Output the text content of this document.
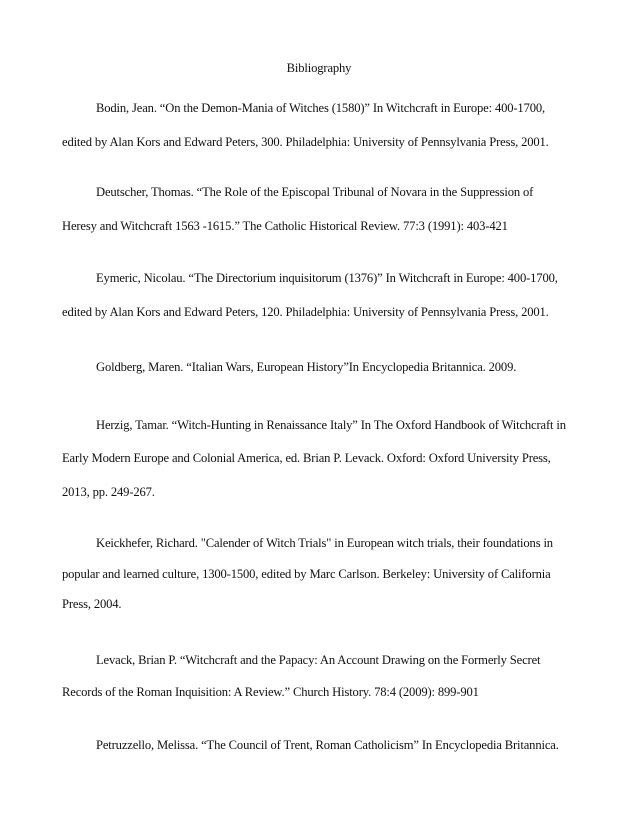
Bibliography
Bodin, Jean. “On the Demon-Mania of Witches (1580)” In Witchcraft in Europe: 400-1700,
edited by Alan Kors and Edward Peters, 300. Philadelphia: University of Pennsylvania Press, 2001.
Deutscher, Thomas. “The Role of the Episcopal Tribunal of Novara in the Suppression of
Heresy and Witchcraft 1563 -1615.” The Catholic Historical Review. 77:3 (1991): 403-421
Eymeric, Nicolau. “The Directorium inquisitorum (1376)” In Witchcraft in Europe: 400-1700,
edited by Alan Kors and Edward Peters, 120. Philadelphia: University of Pennsylvania Press, 2001.
Goldberg, Maren. “Italian Wars, European History”In Encyclopedia Britannica. 2009.
Herzig, Tamar. “Witch-Hunting in Renaissance Italy” In The Oxford Handbook of Witchcraft in
Early Modern Europe and Colonial America, ed. Brian P. Levack. Oxford: Oxford University Press,
2013, pp. 249-267.
Keickhefer, Richard. "Calender of Witch Trials" in European witch trials, their foundations in
popular and learned culture, 1300-1500, edited by Marc Carlson. Berkeley: University of California
Press, 2004.
Levack, Brian P. “Witchcraft and the Papacy: An Account Drawing on the Formerly Secret
Records of the Roman Inquisition: A Review.” Church History. 78:4 (2009): 899-901
Petruzzello, Melissa. “The Council of Trent, Roman Catholicism” In Encyclopedia Britannica.
